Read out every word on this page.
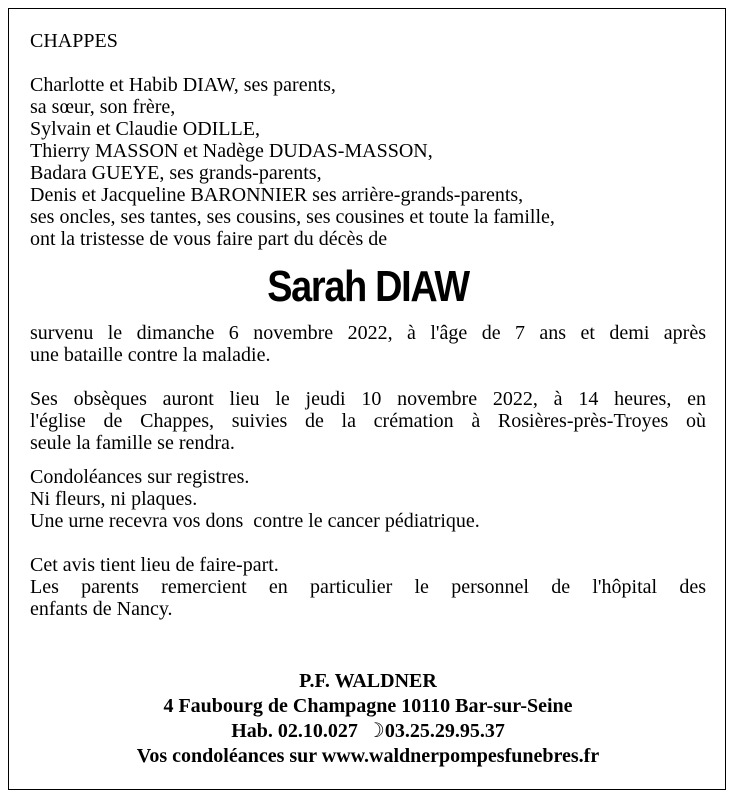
CHAPPES
Charlotte et Habib DIAW, ses parents,
sa sœur, son frère,
Sylvain et Claudie ODILLE,
Thierry MASSON et Nadège DUDAS-MASSON,
Badara GUEYE, ses grands-parents,
Denis et Jacqueline BARONNIER ses arrière-grands-parents,
ses oncles, ses tantes, ses cousins, ses cousines et toute la famille,
ont la tristesse de vous faire part du décès de
Sarah DIAW
survenu le dimanche 6 novembre 2022, à l'âge de 7 ans et demi après
une bataille contre la maladie.
Ses obsèques auront lieu le jeudi 10 novembre 2022, à 14 heures, en
l'église de Chappes, suivies de la crémation à Rosières-près-Troyes où
seule la famille se rendra.
Condoléances sur registres.
Ni fleurs, ni plaques.
Une urne recevra vos dons  contre le cancer pédiatrique.
Cet avis tient lieu de faire-part.
Les parents remercient en particulier le personnel de l'hôpital des
enfants de Nancy.
P.F. WALDNER
4 Faubourg de Champagne 10110 Bar-sur-Seine
Hab. 02.10.027 ☽03.25.29.95.37
Vos condoléances sur www.waldnerpompesfunebres.fr
